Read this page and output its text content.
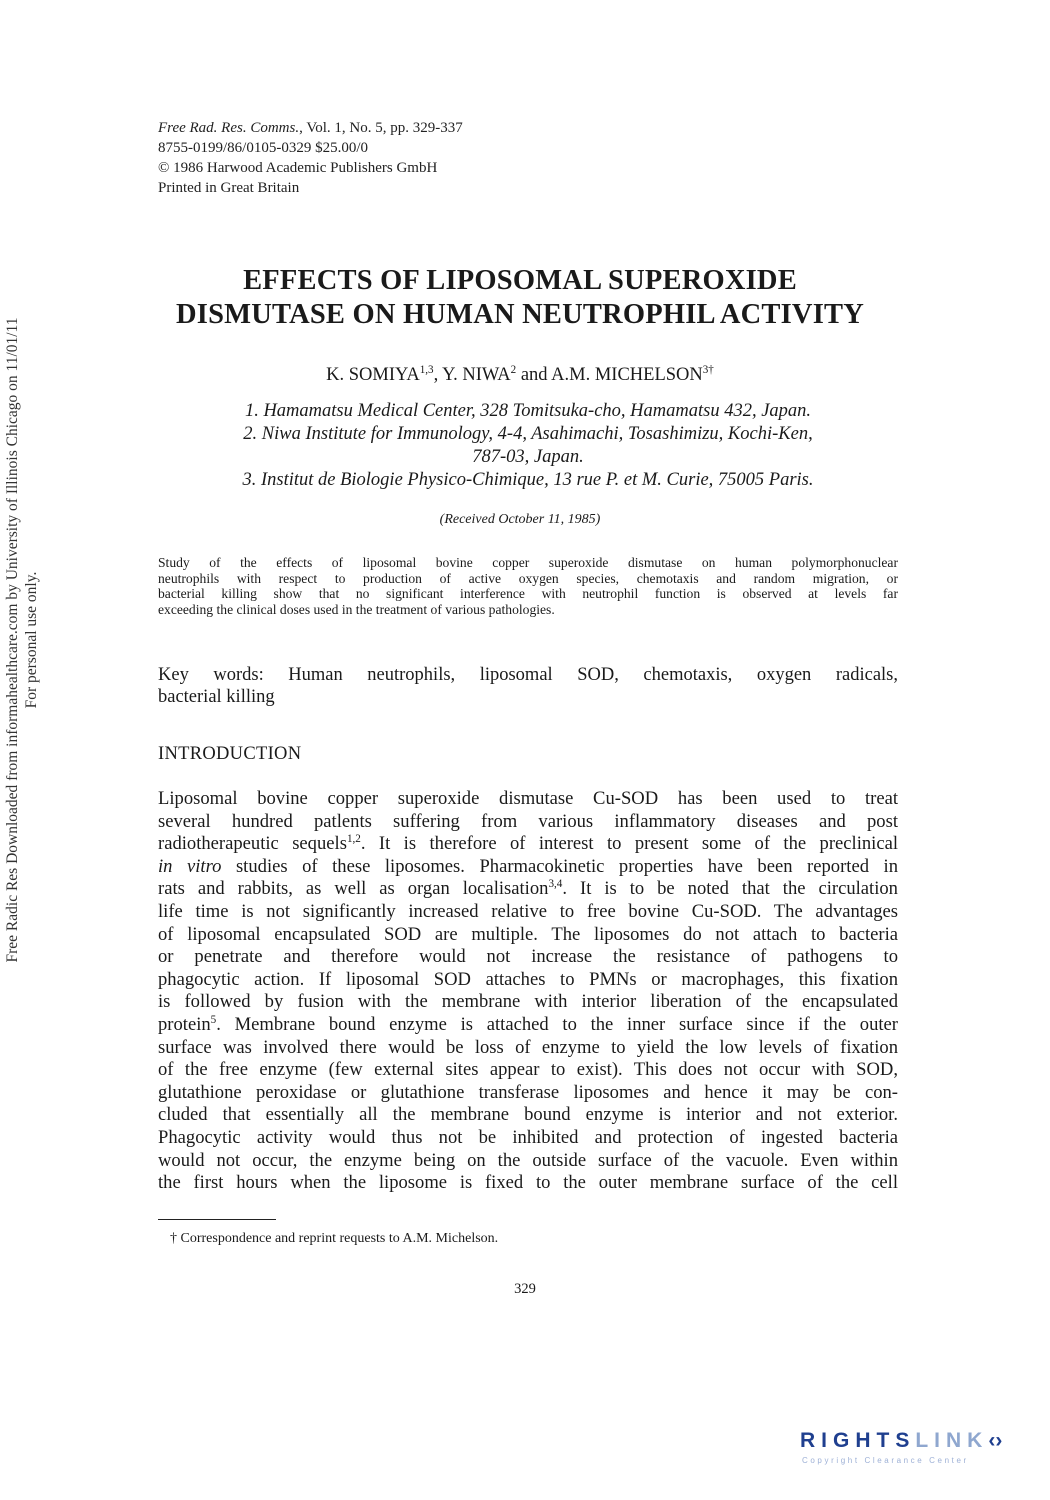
Free Radic Res Downloaded from informahealthcare.com by University of Illinois Chicago on 11/01/11 For personal use only.
Free Rad. Res. Comms., Vol. 1, No. 5, pp. 329-337
8755-0199/86/0105-0329 $25.00/0
© 1986 Harwood Academic Publishers GmbH
Printed in Great Britain
EFFECTS OF LIPOSOMAL SUPEROXIDE
DISMUTASE ON HUMAN NEUTROPHIL ACTIVITY
K. SOMIYA$^{1,3}$, Y. NIWA$^2$ and A.M. $MICHELSON^{3\dagger}$
1. Hamamatsu Medical Center, 328 Tomitsuka-cho, Hamamatsu 432, Japan.
2. Niwa Institute for Immunology, 4-4, Asahimachi, Tosashimizu, Kochi-Ken,
787-03, Japan.
3. Institut de Biologie Physico-Chimique, 13 rue P. et M. Curie, 75005 Paris.
(Received October 11, 1985)
Study of the effects of liposomal bovine copper superoxide dismutase on human polymorphonuclear
neutrophils with respect to production of active oxygen species, chemotaxis and random migration, or
bacterial killing show that no significant interference with neutrophil function is observed at levels far
exceeding the clinical doses used in the treatment of various pathologies.
Key words: Human neutrophils, liposomal SOD, chemotaxis, oxygen radicals,
bacterial killing
INTRODUCTION
Liposomal bovine copper superoxide dismutase Cu-SOD has been used to treat
several hundred patlents suffering from various inflammatory diseases and post
radiotherapeutic sequels$^{1,2}$. It is therefore of interest to present some of the preclinical
in vitro studies of these liposomes. Pharmacokinetic properties have been reported in
rats and rabbits, as well as organ localisation$^{3,4}$. It is to be noted that the circulation
life time is not significantly increased relative to free bovine Cu-SOD. The advantages
of liposomal encapsulated SOD are multiple. The liposomes do not attach to bacteria
or penetrate and therefore would not increase the resistance of pathogens to
phagocytic action. If liposomal SOD attaches to PMNs or macrophages, this fixation
is followed by fusion with the membrane with interior liberation of the encapsulated
protein$^5$. Membrane bound enzyme is attached to the inner surface since if the outer
surface was involved there would be loss of enzyme to yield the low levels of fixation
of the free enzyme (few external sites appear to exist). This does not occur with SOD,
glutathione peroxidase or glutathione transferase liposomes and hence it may be con-
cluded that essentially all the membrane bound enzyme is interior and not exterior.
Phagocytic activity would thus not be inhibited and protection of ingested bacteria
would not occur, the enzyme being on the outside surface of the vacuole. Even within
the first hours when the liposome is fixed to the outer membrane surface of the cell
† Correspondence and reprint requests to A.M. Michelson.
329
RIGHTSLINK‹›
Copyright Clearance Center
